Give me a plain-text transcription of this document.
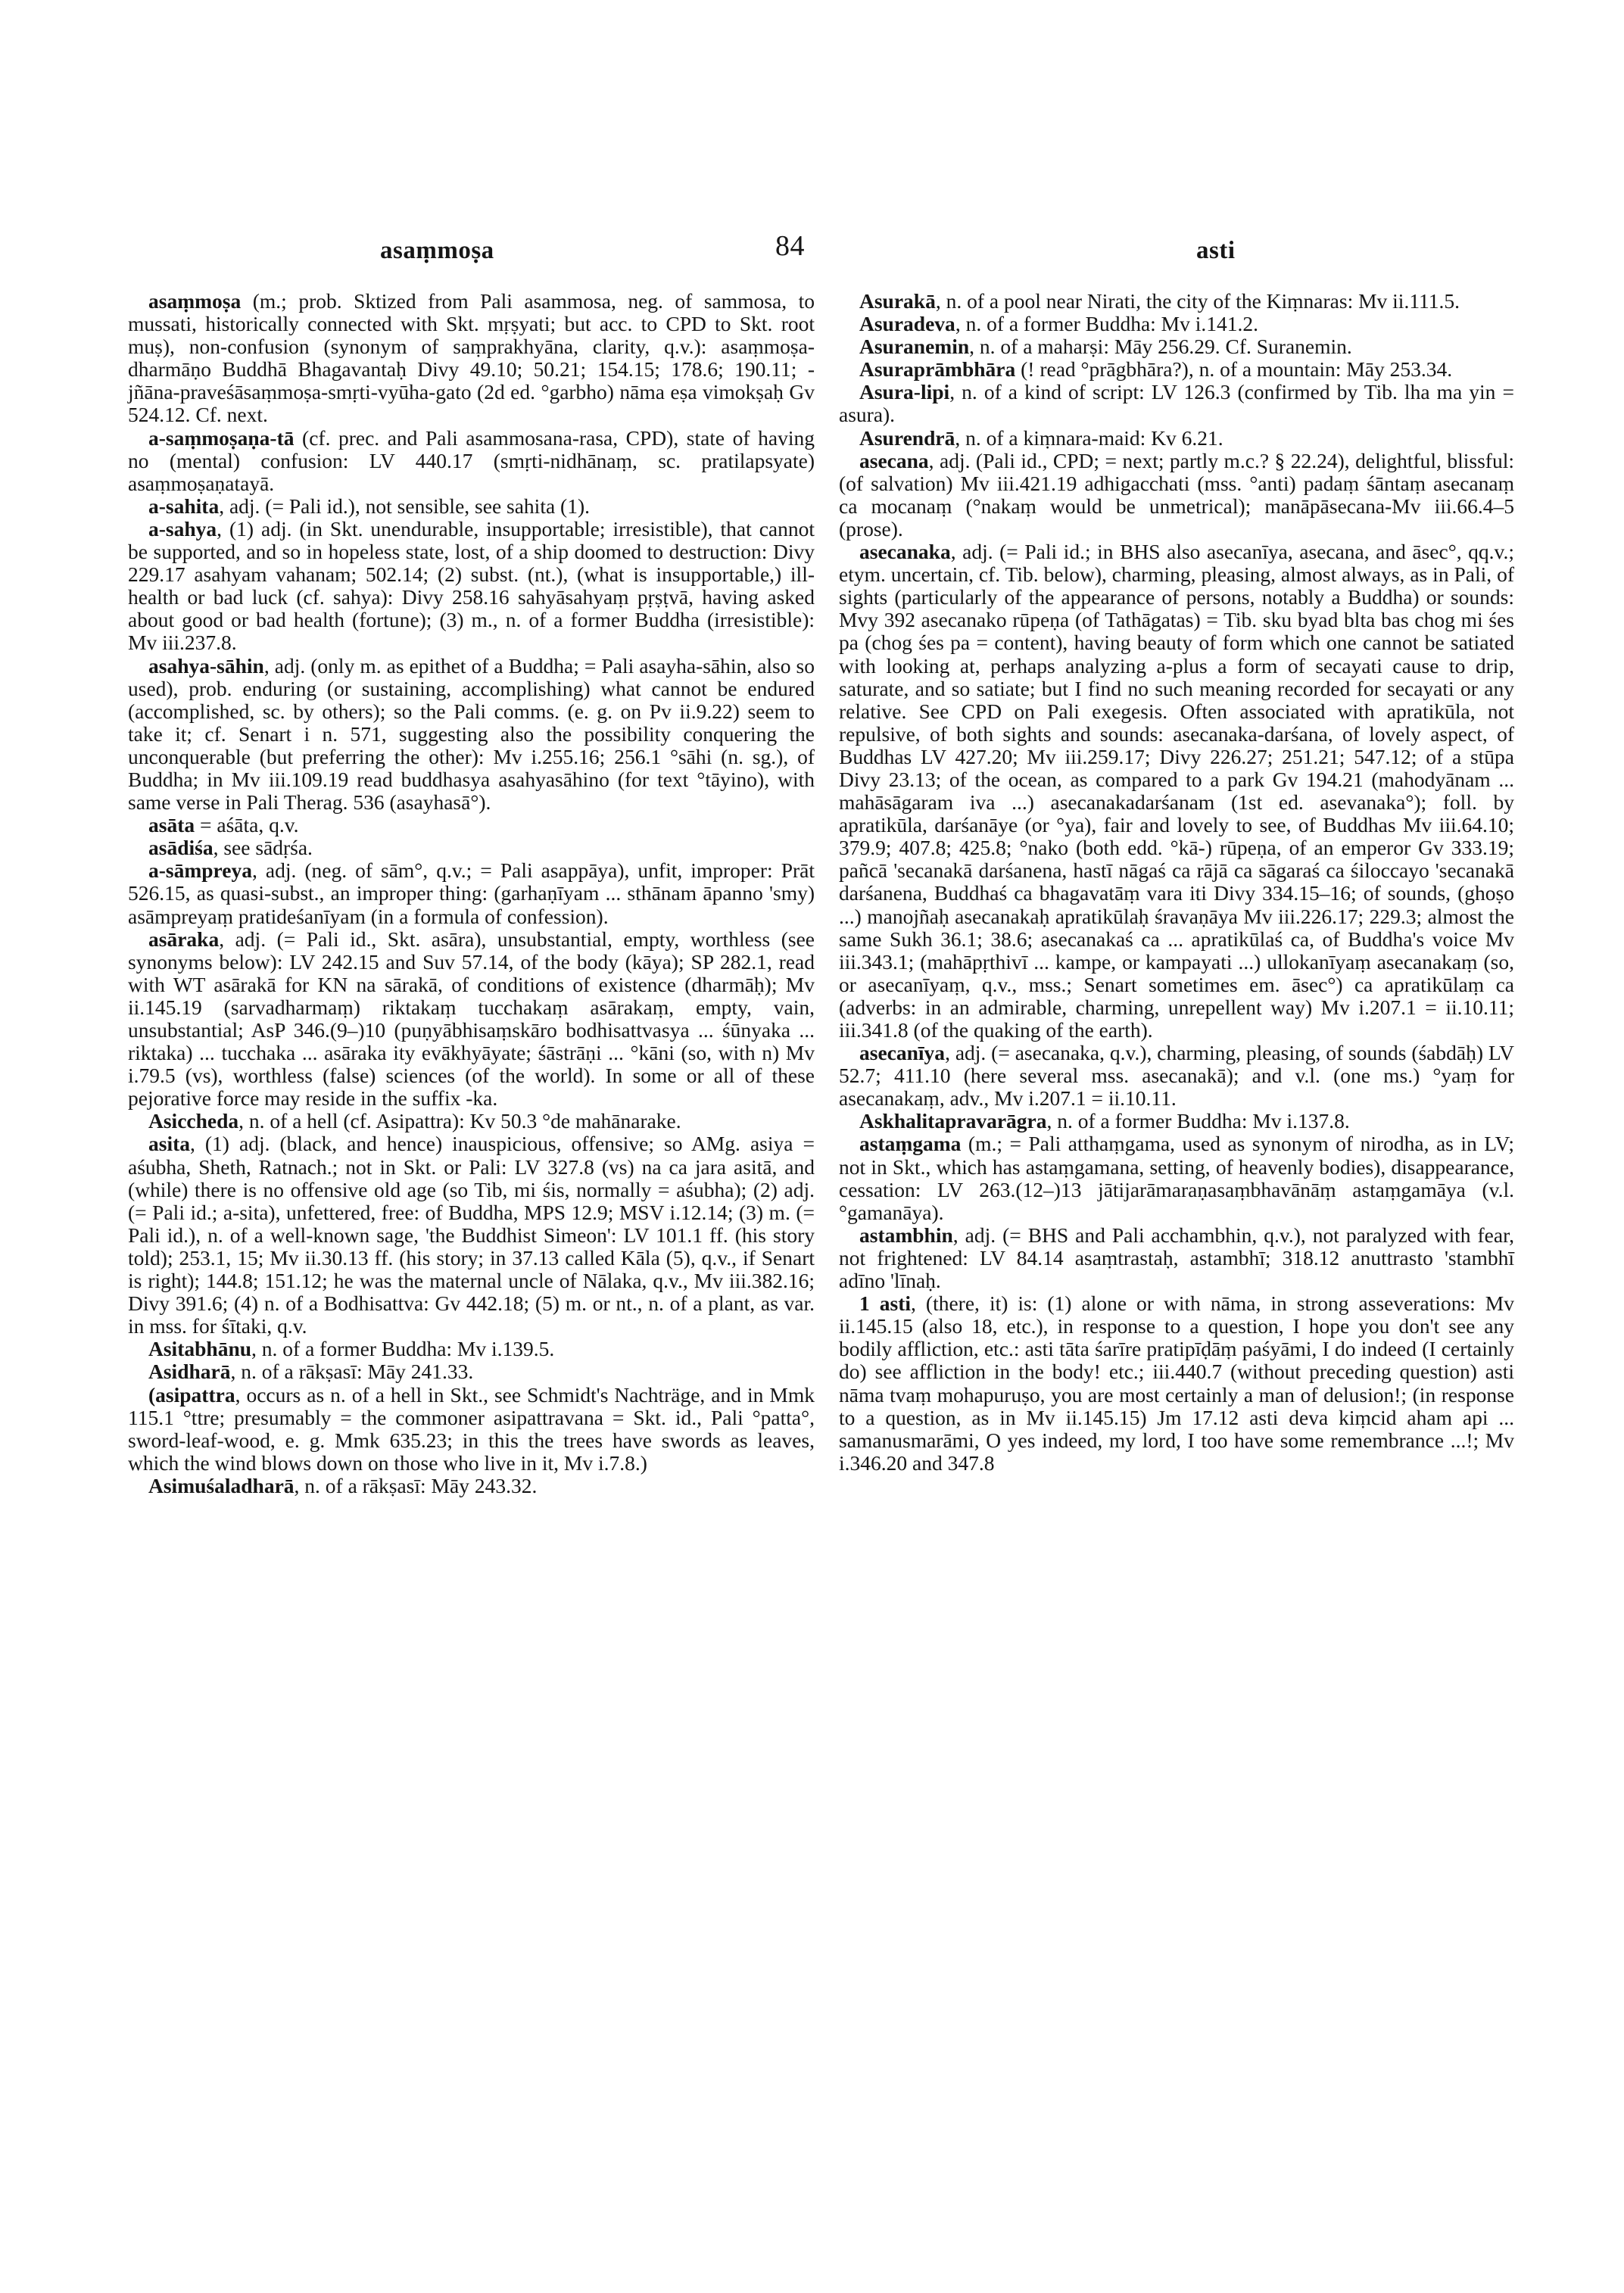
asaṃmoṣa	84	asti

asaṃmoṣa (m.; prob. Sktized from Pali asammosa, neg. of sammosa, to mussati, historically connected with Skt. mṛṣyati; but acc. to CPD to Skt. root muṣ), non-confusion (synonym of saṃprakhyāna, clarity, q.v.): asaṃmoṣa-dharmāṇo Buddhā Bhagavantaḥ Divy 49.10; 50.21; 154.15; 178.6; 190.11; -jñāna-praveśāsaṃmoṣa-smṛti-vyūha-gato (2d ed. °garbho) nāma eṣa vimokṣaḥ Gv 524.12. Cf. next.

a-saṃmoṣaṇa-tā (cf. prec. and Pali asammosana-rasa, CPD), state of having no (mental) confusion: LV 440.17 (smṛti-nidhānaṃ, sc. pratilapsyate) asaṃmoṣaṇatayā.

a-sahita, adj. (= Pali id.), not sensible, see sahita (1).

a-sahya, (1) adj. (in Skt. unendurable, insupportable; irresistible), that cannot be supported, and so in hopeless state, lost, of a ship doomed to destruction: Divy 229.17 asahyam vahanam; 502.14; (2) subst. (nt.), (what is insupportable,) ill-health or bad luck (cf. sahya): Divy 258.16 sahyāsahyaṃ pṛṣṭvā, having asked about good or bad health (fortune); (3) m., n. of a former Buddha (irresistible): Mv iii.237.8.

asahya-sāhin, adj. (only m. as epithet of a Buddha; = Pali asayha-sāhin, also so used), prob. enduring (or sustaining, accomplishing) what cannot be endured (accomplished, sc. by others); so the Pali comms. (e. g. on Pv ii.9.22) seem to take it; cf. Senart i n. 571, suggesting also the possibility conquering the unconquerable (but preferring the other): Mv i.255.16; 256.1 °sāhi (n. sg.), of Buddha; in Mv iii.109.19 read buddhasya asahyasāhino (for text °tāyino), with same verse in Pali Therag. 536 (asayhasā°).

asāta = aśāta, q.v.

asādiśa, see sādṛśa.

a-sāmpreya, adj. (neg. of sām°, q.v.; = Pali asappāya), unfit, improper: Prāt 526.15, as quasi-subst., an improper thing: (garhaṇīyam ... sthānam āpanno 'smy) asāmpreyaṃ pratideśanīyam (in a formula of confession).

asāraka, adj. (= Pali id., Skt. asāra), unsubstantial, empty, worthless (see synonyms below): LV 242.15 and Suv 57.14, of the body (kāya); SP 282.1, read with WT asārakā for KN na sārakā, of conditions of existence (dharmāḥ); Mv ii.145.19 (sarvadharmaṃ) riktakaṃ tucchakaṃ asārakaṃ, empty, vain, unsubstantial; AsP 346.(9–)10 (puṇyābhisaṃskāro bodhisattvasya ... śūnyaka ... riktaka) ... tucchaka ... asāraka ity evākhyāyate; śāstrāṇi ... °kāni (so, with n) Mv i.79.5 (vs), worthless (false) sciences (of the world). In some or all of these pejorative force may reside in the suffix -ka.

Asiccheda, n. of a hell (cf. Asipattra): Kv 50.3 °de mahānarake.

asita, (1) adj. (black, and hence) inauspicious, offensive; so AMg. asiya = aśubha, Sheth, Ratnach.; not in Skt. or Pali: LV 327.8 (vs) na ca jara asitā, and (while) there is no offensive old age (so Tib, mi śis, normally = aśubha); (2) adj. (= Pali id.; a-sita), unfettered, free: of Buddha, MPS 12.9; MSV i.12.14; (3) m. (= Pali id.), n. of a well-known sage, 'the Buddhist Simeon': LV 101.1 ff. (his story told); 253.1, 15; Mv ii.30.13 ff. (his story; in 37.13 called Kāla (5), q.v., if Senart is right); 144.8; 151.12; he was the maternal uncle of Nālaka, q.v., Mv iii.382.16; Divy 391.6; (4) n. of a Bodhisattva: Gv 442.18; (5) m. or nt., n. of a plant, as var. in mss. for śītaki, q.v.

Asitabhānu, n. of a former Buddha: Mv i.139.5.

Asidharā, n. of a rākṣasī: Māy 241.33.

(asipattra, occurs as n. of a hell in Skt., see Schmidt's Nachträge, and in Mmk 115.1 °ttre; presumably = the commoner asipattravana = Skt. id., Pali °patta°, sword-leaf-wood, e. g. Mmk 635.23; in this the trees have swords as leaves, which the wind blows down on those who live in it, Mv i.7.8.)

Asimuśaladharā, n. of a rākṣasī: Māy 243.32.

Asurakā, n. of a pool near Nirati, the city of the Kiṃnaras: Mv ii.111.5.

Asuradeva, n. of a former Buddha: Mv i.141.2.

Asuranemin, n. of a maharṣi: Māy 256.29. Cf. Suranemin.

Asuraprāmbhāra (! read °prāgbhāra?), n. of a mountain: Māy 253.34.

Asura-lipi, n. of a kind of script: LV 126.3 (confirmed by Tib. lha ma yin = asura).

Asurendrā, n. of a kiṃnara-maid: Kv 6.21.

asecana, adj. (Pali id., CPD; = next; partly m.c.? § 22.24), delightful, blissful: (of salvation) Mv iii.421.19 adhigacchati (mss. °anti) padaṃ śāntaṃ asecanaṃ ca mocanaṃ (°nakaṃ would be unmetrical); manāpāsecana-Mv iii.66.4–5 (prose).

asecanaka, adj. (= Pali id.; in BHS also asecanīya, asecana, and āsec°, qq.v.; etym. uncertain, cf. Tib. below), charming, pleasing, almost always, as in Pali, of sights (particularly of the appearance of persons, notably a Buddha) or sounds: Mvy 392 asecanako rūpeṇa (of Tathāgatas) = Tib. sku byad blta bas chog mi śes pa (chog śes pa = content), having beauty of form which one cannot be satiated with looking at, perhaps analyzing a-plus a form of secayati cause to drip, saturate, and so satiate; but I find no such meaning recorded for secayati or any relative. See CPD on Pali exegesis. Often associated with apratikūla, not repulsive, of both sights and sounds: asecanaka-darśana, of lovely aspect, of Buddhas LV 427.20; Mv iii.259.17; Divy 226.27; 251.21; 547.12; of a stūpa Divy 23.13; of the ocean, as compared to a park Gv 194.21 (mahodyānam ... mahāsāgaram iva ...) asecanakadarśanam (1st ed. asevanaka°); foll. by apratikūla, darśanāye (or °ya), fair and lovely to see, of Buddhas Mv iii.64.10; 379.9; 407.8; 425.8; °nako (both edd. °kā-) rūpeṇa, of an emperor Gv 333.19; pañcā 'secanakā darśanena, hastī nāgaś ca rājā ca sāgaraś ca śiloccayo 'secanakā darśanena, Buddhaś ca bhagavatāṃ vara iti Divy 334.15–16; of sounds, (ghoṣo ...) manojñaḥ asecanakaḥ apratikūlaḥ śravaṇāya Mv iii.226.17; 229.3; almost the same Sukh 36.1; 38.6; asecanakaś ca ... apratikūlaś ca, of Buddha's voice Mv iii.343.1; (mahāpṛthivī ... kampe, or kampayati ...) ullokanīyaṃ asecanakaṃ (so, or asecanīyaṃ, q.v., mss.; Senart sometimes em. āsec°) ca apratikūlaṃ ca (adverbs: in an admirable, charming, unrepellent way) Mv i.207.1 = ii.10.11; iii.341.8 (of the quaking of the earth).

asecanīya, adj. (= asecanaka, q.v.), charming, pleasing, of sounds (śabdāḥ) LV 52.7; 411.10 (here several mss. asecanakā); and v.l. (one ms.) °yaṃ for asecanakaṃ, adv., Mv i.207.1 = ii.10.11.

Askhalitapravarāgra, n. of a former Buddha: Mv i.137.8.

astaṃgama (m.; = Pali atthaṃgama, used as synonym of nirodha, as in LV; not in Skt., which has astaṃgamana, setting, of heavenly bodies), disappearance, cessation: LV 263.(12–)13 jātijarāmaraṇasaṃbhavānāṃ astaṃgamāya (v.l. °gamanāya).

astambhin, adj. (= BHS and Pali acchambhin, q.v.), not paralyzed with fear, not frightened: LV 84.14 asaṃtrastaḥ, astambhī; 318.12 anuttrasto 'stambhī adīno 'līnaḥ.

1 asti, (there, it) is: (1) alone or with nāma, in strong asseverations: Mv ii.145.15 (also 18, etc.), in response to a question, I hope you don't see any bodily affliction, etc.: asti tāta śarīre pratipīḍāṃ paśyāmi, I do indeed (I certainly do) see affliction in the body! etc.; iii.440.7 (without preceding question) asti nāma tvaṃ mohapuruṣo, you are most certainly a man of delusion!; (in response to a question, as in Mv ii.145.15) Jm 17.12 asti deva kiṃcid aham api ... samanusmarāmi, O yes indeed, my lord, I too have some remembrance ...!; Mv i.346.20 and 347.8
